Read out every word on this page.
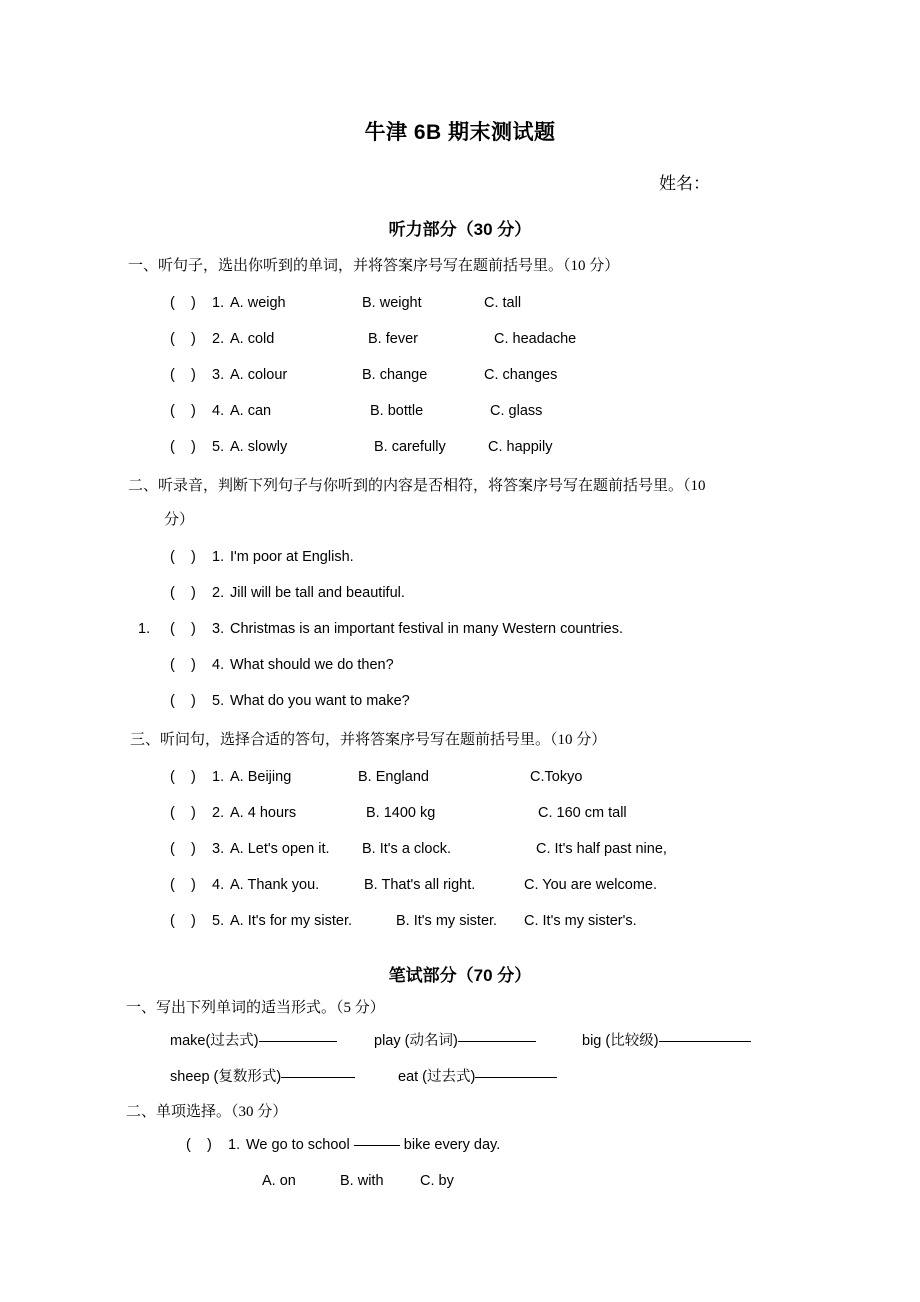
牛津 6B 期末测试题
姓名：
听力部分（30 分）
一、听句子，选出你听到的单词，并将答案序号写在题前括号里。（10 分）
(    ) 1. A. weigh	B. weight	C. tall
(    ) 2. A. cold	B. fever	C. headache
(    ) 3. A. colour	B. change	C. changes
(    ) 4. A. can	B. bottle	C. glass
(    ) 5. A. slowly	B. carefully	C. happily
二、听录音，判断下列句子与你听到的内容是否相符，将答案序号写在题前括号里。（10
分）
(    ) 1. I'm poor at English.
(    ) 2. Jill will be tall and beautiful.
1. (    ) 3. Christmas is an important festival in many Western countries.
(    ) 4. What should we do then?
(    ) 5. What do you want to make?
三、听问句，选择合适的答句，并将答案序号写在题前括号里。（10 分）
(    ) 1. A. Beijing	B. England	C.Tokyo
(    ) 2. A. 4 hours	B. 1400 kg	C. 160 cm tall
(    ) 3. A. Let's open it. B. It's a clock.	C. It's half past nine,
(    ) 4. A. Thank you.	B. That's all right.	C. You are welcome.
(    ) 5. A. It's for my sister.	B. It's my sister. C. It's my sister's.
笔试部分（70 分）
一、写出下列单词的适当形式。（5 分）
make(过去式)	play (动名词)	big (比较级)
sheep (复数形式)	eat (过去式)
二、单项选择。（30 分）
(    ) 1. We go to school	bike every day.
A. on	B. with	C. by
